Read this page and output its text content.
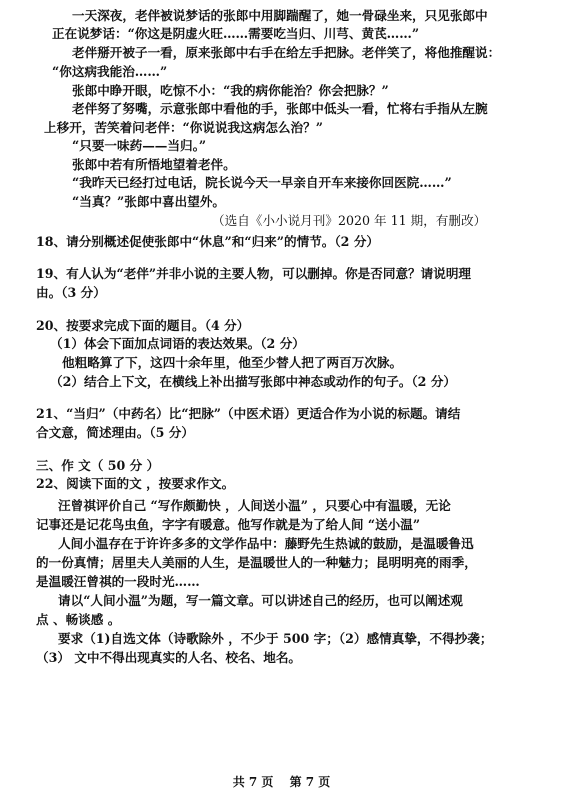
一天深夜，老伴被说梦话的张郎中用脚踹醒了，她一骨碌坐来，只见张郎中
正在说梦话：“你这是阴虚火旺……需要吃当归、川芎、黄芪……”
老伴掰开被子一看，原来张郎中右手在给左手把脉。老伴笑了，将他推醒说：
“你这病我能治……”
张郎中睁开眼，吃惊不小：“我的病你能治？你会把脉？”
老伴努了努嘴，示意张郎中看他的手，张郎中低头一看，忙将右手指从左腕
上移开，苦笑着问老伴：“你说说我这病怎么治？”
“只要一味药——当归。”
张郎中若有所悟地望着老伴。
“我昨天已经打过电话，院长说今天一早亲自开车来接你回医院……”
“当真？”张郎中喜出望外。
（选自《小小说月刊》2020 年 11 期，有删改）
18、请分别概述促使张郎中“休息”和“归来”的情节。（2 分）
19、有人认为“老伴”并非小说的主要人物，可以删掉。你是否同意？请说明理
由。（3 分）
20、按要求完成下面的题目。（4 分）
（1）体会下面加点词语的表达效果。（2 分）
他粗略算了下，这四十余年里，他至少替人把了两百万次脉。
（2）结合上下文，在横线上补出描写张郎中神态或动作的句子。（2 分）
21、“当归”（中药名）比“把脉”（中医术语）更适合作为小说的标题。请结
合文意，简述理由。（5 分）
三、作 文（ 50 分 ）
22、阅读下面的文 ，按要求作文。
汪曾祺评价自己 “写作颇勤快 ，人间送小温” ，只要心中有温暖，无论
记事还是记花鸟虫鱼，字字有暖意。他写作就是为了给人间 “送小温”
人间小温存在于许许多多的文学作品中：藤野先生热诚的鼓励，是温暖鲁迅
的一份真情；居里夫人美丽的人生，是温暖世人的一种魅力；昆明明亮的雨季，
是温暖汪曾祺的一段时光……
请以“人间小温”为题，写一篇文章。可以讲述自己的经历，也可以阐述观
点 、畅谈感 。
要求（1)自选文体（诗歌除外 ，不少于 500 字；（2）感情真挚，不得抄袭；
（3） 文中不得出现真实的人名、校名、地名。
共 7 页　 第 7 页
